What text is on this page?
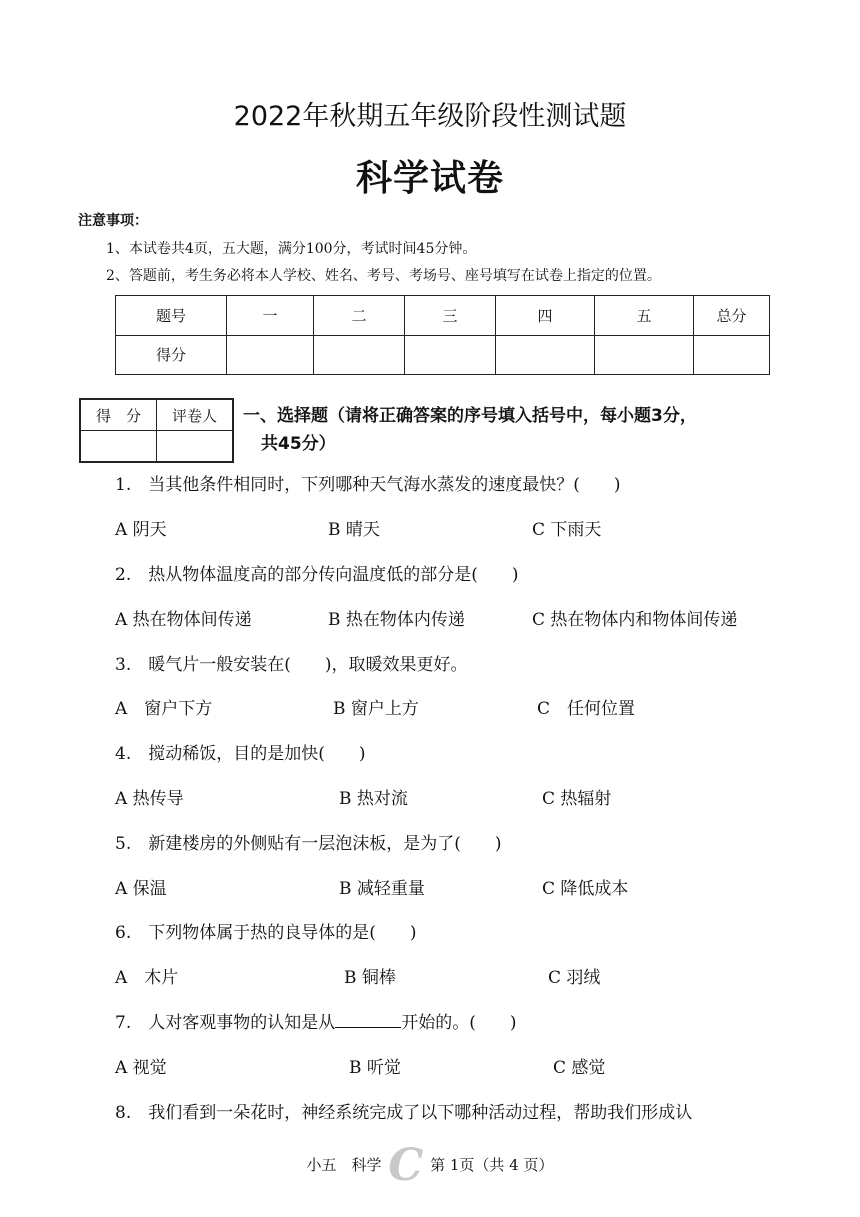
2022年秋期五年级阶段性测试题
科学试卷
注意事项：
1、本试卷共4页，五大题，满分100分，考试时间45分钟。
2、答题前，考生务必将本人学校、姓名、考号、考场号、座号填写在试卷上指定的位置。
题号	一	二	三	四	五	总分
得分						
得　分	评卷人
	一、选择题（请将正确答案的序号填入括号中，每小题3分，
共45分）
1.　当其他条件相同时，下列哪种天气海水蒸发的速度最快？(　　)
A 阴天	B 晴天	C 下雨天
2.　热从物体温度高的部分传向温度低的部分是(　　)
A 热在物体间传递	B 热在物体内传递	C 热在物体内和物体间传递
3.　暖气片一般安装在(　　)，取暖效果更好。
A　窗户下方	B 窗户上方	C　任何位置
4.　搅动稀饭，目的是加快(　　)
A 热传导	B 热对流	C 热辐射
5.　新建楼房的外侧贴有一层泡沫板，是为了(　　)
A 保温	B 减轻重量	C 降低成本
6.　下列物体属于热的良导体的是(　　)
A　木片	B 铜棒	C 羽绒
7.　人对客观事物的认知是从	开始的。(　　)
A 视觉	B 听觉	C 感觉
8.　我们看到一朵花时，神经系统完成了以下哪种活动过程，帮助我们形成认
小五　科学 C 第 1页（共 4 页）
